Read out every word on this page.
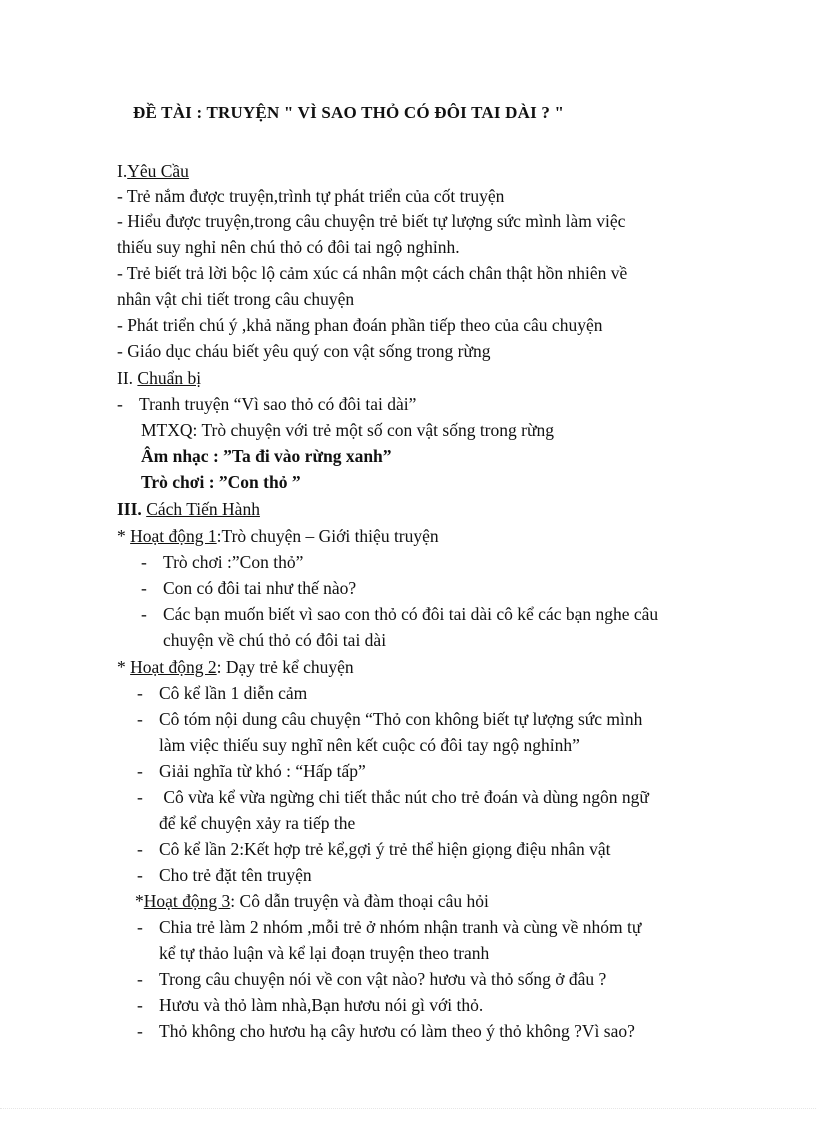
ĐỀ TÀI : TRUYỆN " VÌ SAO THỎ CÓ ĐÔI TAI DÀI ? "
I.Yêu Cầu
- Trẻ nắm được truyện,trình tự phát triển của cốt truyện
- Hiểu được truyện,trong câu chuyện trẻ biết tự lượng sức mình làm việc
thiếu suy nghỉ nên chú thỏ có đôi tai ngộ nghỉnh.
- Trẻ biết trả lời bộc lộ cảm xúc cá nhân một cách chân thật hồn nhiên về
nhân vật chi tiết trong câu chuyện
- Phát triển chú ý ,khả năng phan đoán phần tiếp theo của câu chuyện
- Giáo dục cháu biết yêu quý con vật sống trong rừng
II. Chuẩn bị
- Tranh truyện “Vì sao thỏ có đôi tai dài”
MTXQ: Trò chuyện với trẻ một số con vật sống trong rừng
Âm nhạc : ”Ta đi vào rừng xanh”
Trò chơi : ”Con thỏ ”
III. Cách Tiến Hành
* Hoạt động 1:Trò chuyện – Giới thiệu truyện
- Trò chơi :”Con thỏ”
- Con có đôi tai như thế nào?
- Các bạn muốn biết vì sao con thỏ có đôi tai dài cô kể các bạn nghe câu
chuyện về chú thỏ có đôi tai dài
* Hoạt động 2: Dạy trẻ kể chuyện
- Cô kể lần 1 diễn cảm
- Cô tóm nội dung câu chuyện “Thỏ con không biết tự lượng sức mình
làm việc thiếu suy nghĩ nên kết cuộc có đôi tay ngộ nghỉnh”
- Giải nghĩa từ khó : “Hấp tấp”
- Cô vừa kể vừa ngừng chi tiết thắc nút cho trẻ đoán và dùng ngôn ngữ
để kể chuyện xảy ra tiếp the
- Cô kể lần 2:Kết hợp trẻ kể,gợi ý trẻ thể hiện giọng điệu nhân vật
- Cho trẻ đặt tên truyện
*Hoạt động 3: Cô dẫn truyện và đàm thoại câu hỏi
- Chia trẻ làm 2 nhóm ,mỗi trẻ ở nhóm nhận tranh và cùng về nhóm tự
kể tự thảo luận và kể lại đoạn truyện theo tranh
- Trong câu chuyện nói về con vật nào? hươu và thỏ sống ở đâu ?
- Hươu và thỏ làm nhà,Bạn hươu nói gì với thỏ.
- Thỏ không cho hươu hạ cây hươu có làm theo ý thỏ không ?Vì sao?
